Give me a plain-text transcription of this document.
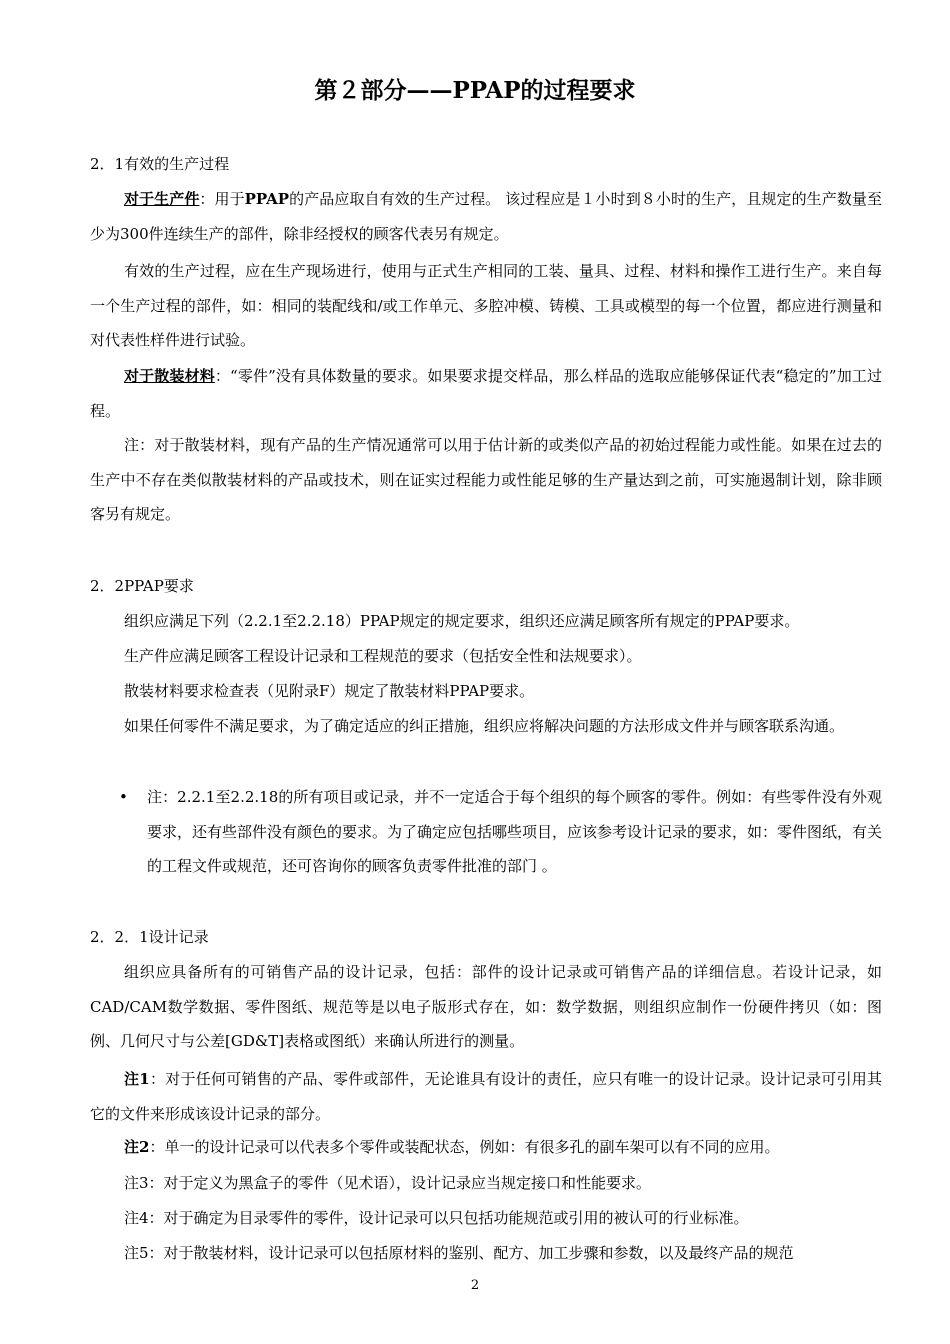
第２部分——PPAP的过程要求

2．1有效的生产过程

对于生产件：用于PPAP的产品应取自有效的生产过程。 该过程应是１小时到８小时的生产，且规定的生产数量至少为300件连续生产的部件，除非经授权的顾客代表另有规定。

有效的生产过程，应在生产现场进行，使用与正式生产相同的工装、量具、过程、材料和操作工进行生产。来自每一个生产过程的部件，如：相同的装配线和/或工作单元、多腔冲模、铸模、工具或模型的每一个位置，都应进行测量和对代表性样件进行试验。

对于散装材料：“零件”没有具体数量的要求。如果要求提交样品，那么样品的选取应能够保证代表“稳定的”加工过程。

注：对于散装材料，现有产品的生产情况通常可以用于估计新的或类似产品的初始过程能力或性能。如果在过去的生产中不存在类似散装材料的产品或技术，则在证实过程能力或性能足够的生产量达到之前，可实施遏制计划，除非顾客另有规定。

2．2PPAP要求

组织应满足下列（2.2.1至2.2.18）PPAP规定的规定要求，组织还应满足顾客所有规定的PPAP要求。

生产件应满足顾客工程设计记录和工程规范的要求（包括安全性和法规要求）。

散装材料要求检查表（见附录F）规定了散装材料PPAP要求。

如果任何零件不满足要求，为了确定适应的纠正措施，组织应将解决问题的方法形成文件并与顾客联系沟通。

• 注：2.2.1至2.2.18的所有项目或记录，并不一定适合于每个组织的每个顾客的零件。例如：有些零件没有外观要求，还有些部件没有颜色的要求。为了确定应包括哪些项目，应该参考设计记录的要求，如：零件图纸，有关的工程文件或规范，还可咨询你的顾客负责零件批准的部门 。

2．2．1设计记录

组织应具备所有的可销售产品的设计记录，包括：部件的设计记录或可销售产品的详细信息。若设计记录，如CAD/CAM数学数据、零件图纸、规范等是以电子版形式存在，如：数学数据，则组织应制作一份硬件拷贝（如：图例、几何尺寸与公差[GD&T]表格或图纸）来确认所进行的测量。

注1：对于任何可销售的产品、零件或部件，无论谁具有设计的责任，应只有唯一的设计记录。设计记录可引用其它的文件来形成该设计记录的部分。

注2：单一的设计记录可以代表多个零件或装配状态，例如：有很多孔的副车架可以有不同的应用。

注3：对于定义为黑盒子的零件（见术语），设计记录应当规定接口和性能要求。

注4：对于确定为目录零件的零件，设计记录可以只包括功能规范或引用的被认可的行业标准。

注5：对于散装材料，设计记录可以包括原材料的鉴别、配方、加工步骤和参数，以及最终产品的规范

2
